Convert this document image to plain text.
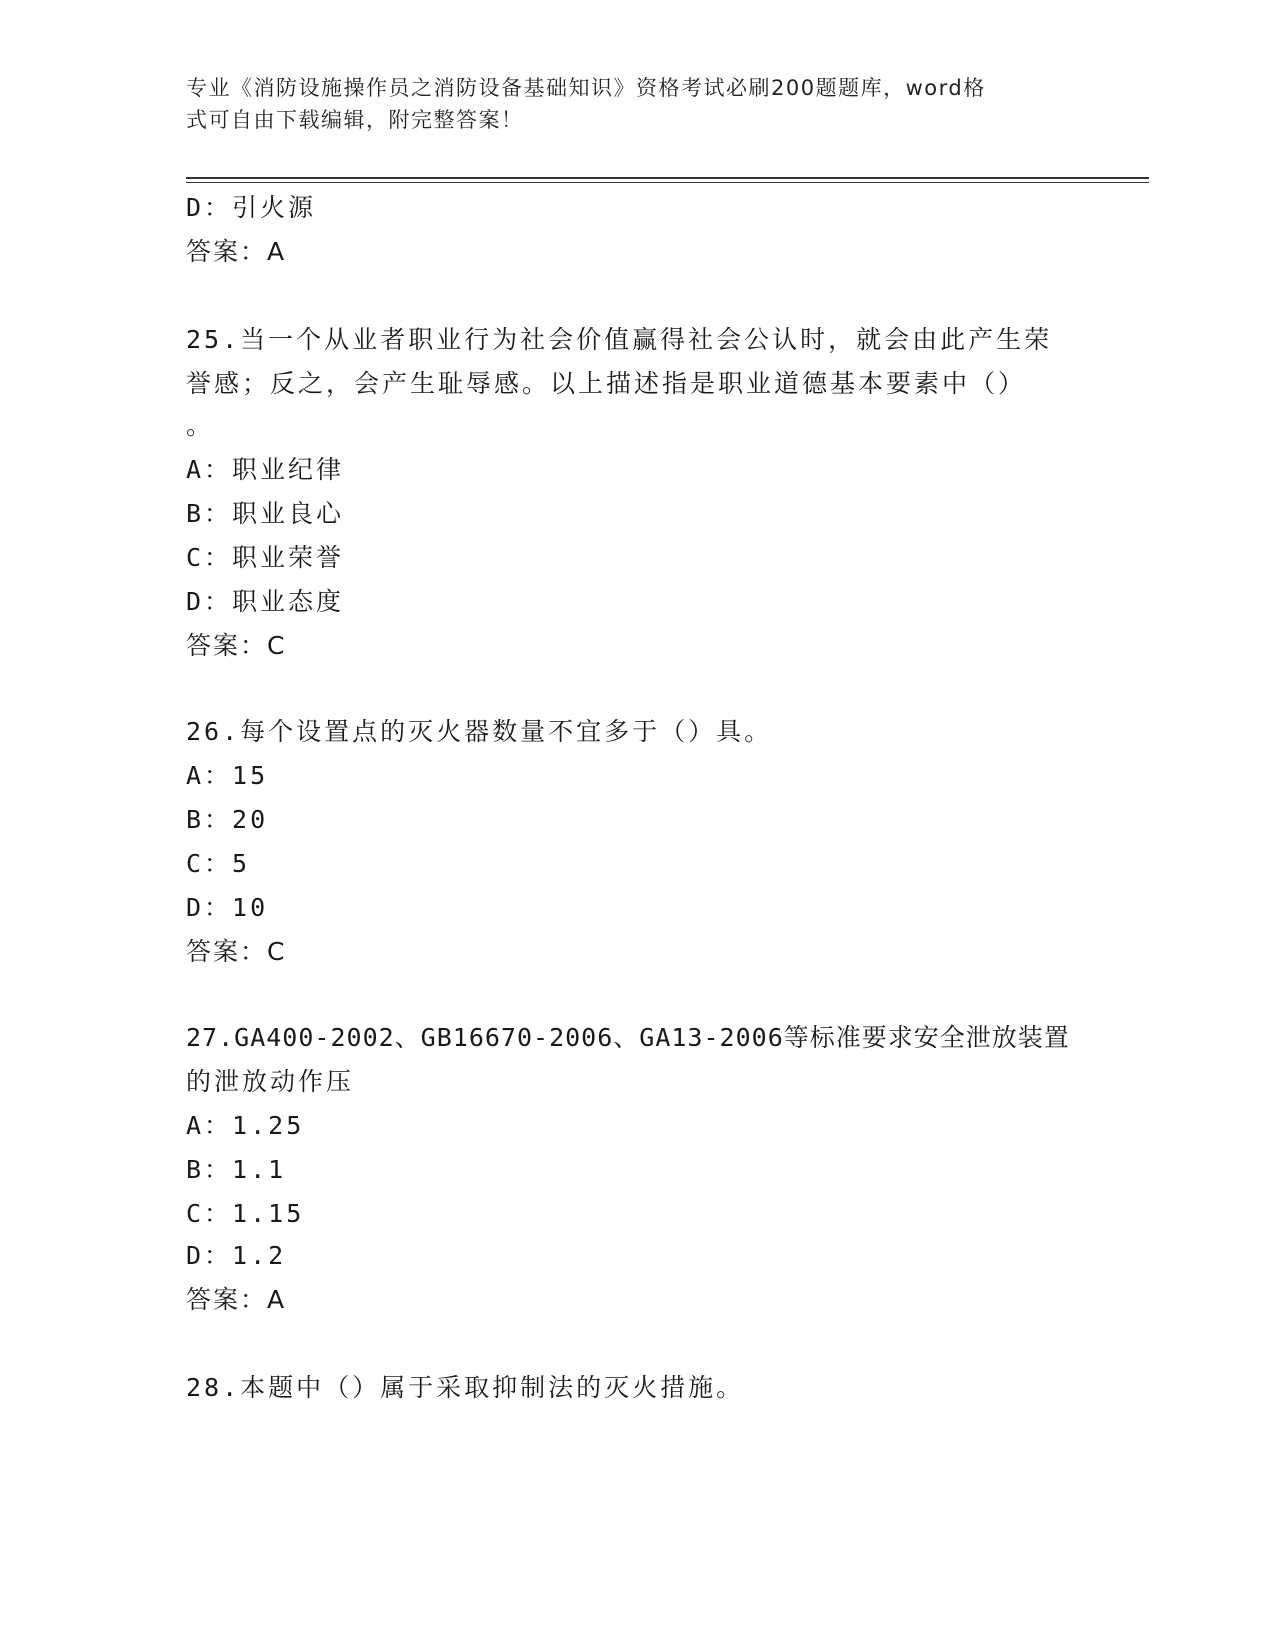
专业《消防设施操作员之消防设备基础知识》资格考试必刷200题题库，word格
式可自由下载编辑，附完整答案！
D：引火源
答案：A
25.当一个从业者职业行为社会价值赢得社会公认时，就会由此产生荣
誉感；反之，会产生耻辱感。以上描述指是职业道德基本要素中（）
。
A：职业纪律
B：职业良心
C：职业荣誉
D：职业态度
答案：C
26.每个设置点的灭火器数量不宜多于（）具。
A：15
B：20
C：5
D：10
答案：C
27.GA400-2002、GB16670-2006、GA13-2006等标准要求安全泄放装置
的泄放动作压
A：1.25
B：1.1
C：1.15
D：1.2
答案：A
28.本题中（）属于采取抑制法的灭火措施。
